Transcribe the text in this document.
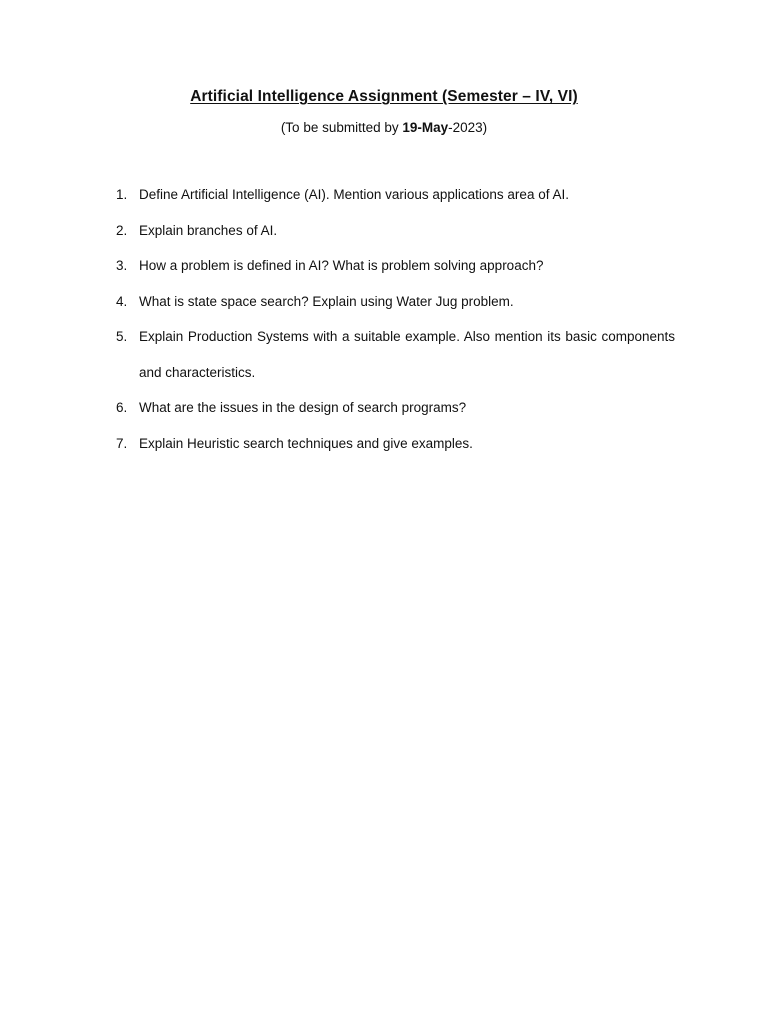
Artificial Intelligence Assignment (Semester – IV, VI)
(To be submitted by 19-May-2023)
1. Define Artificial Intelligence (AI). Mention various applications area of AI.
2. Explain branches of AI.
3. How a problem is defined in AI? What is problem solving approach?
4. What is state space search? Explain using Water Jug problem.
5. Explain Production Systems with a suitable example. Also mention its basic components and characteristics.
6. What are the issues in the design of search programs?
7. Explain Heuristic search techniques and give examples.
